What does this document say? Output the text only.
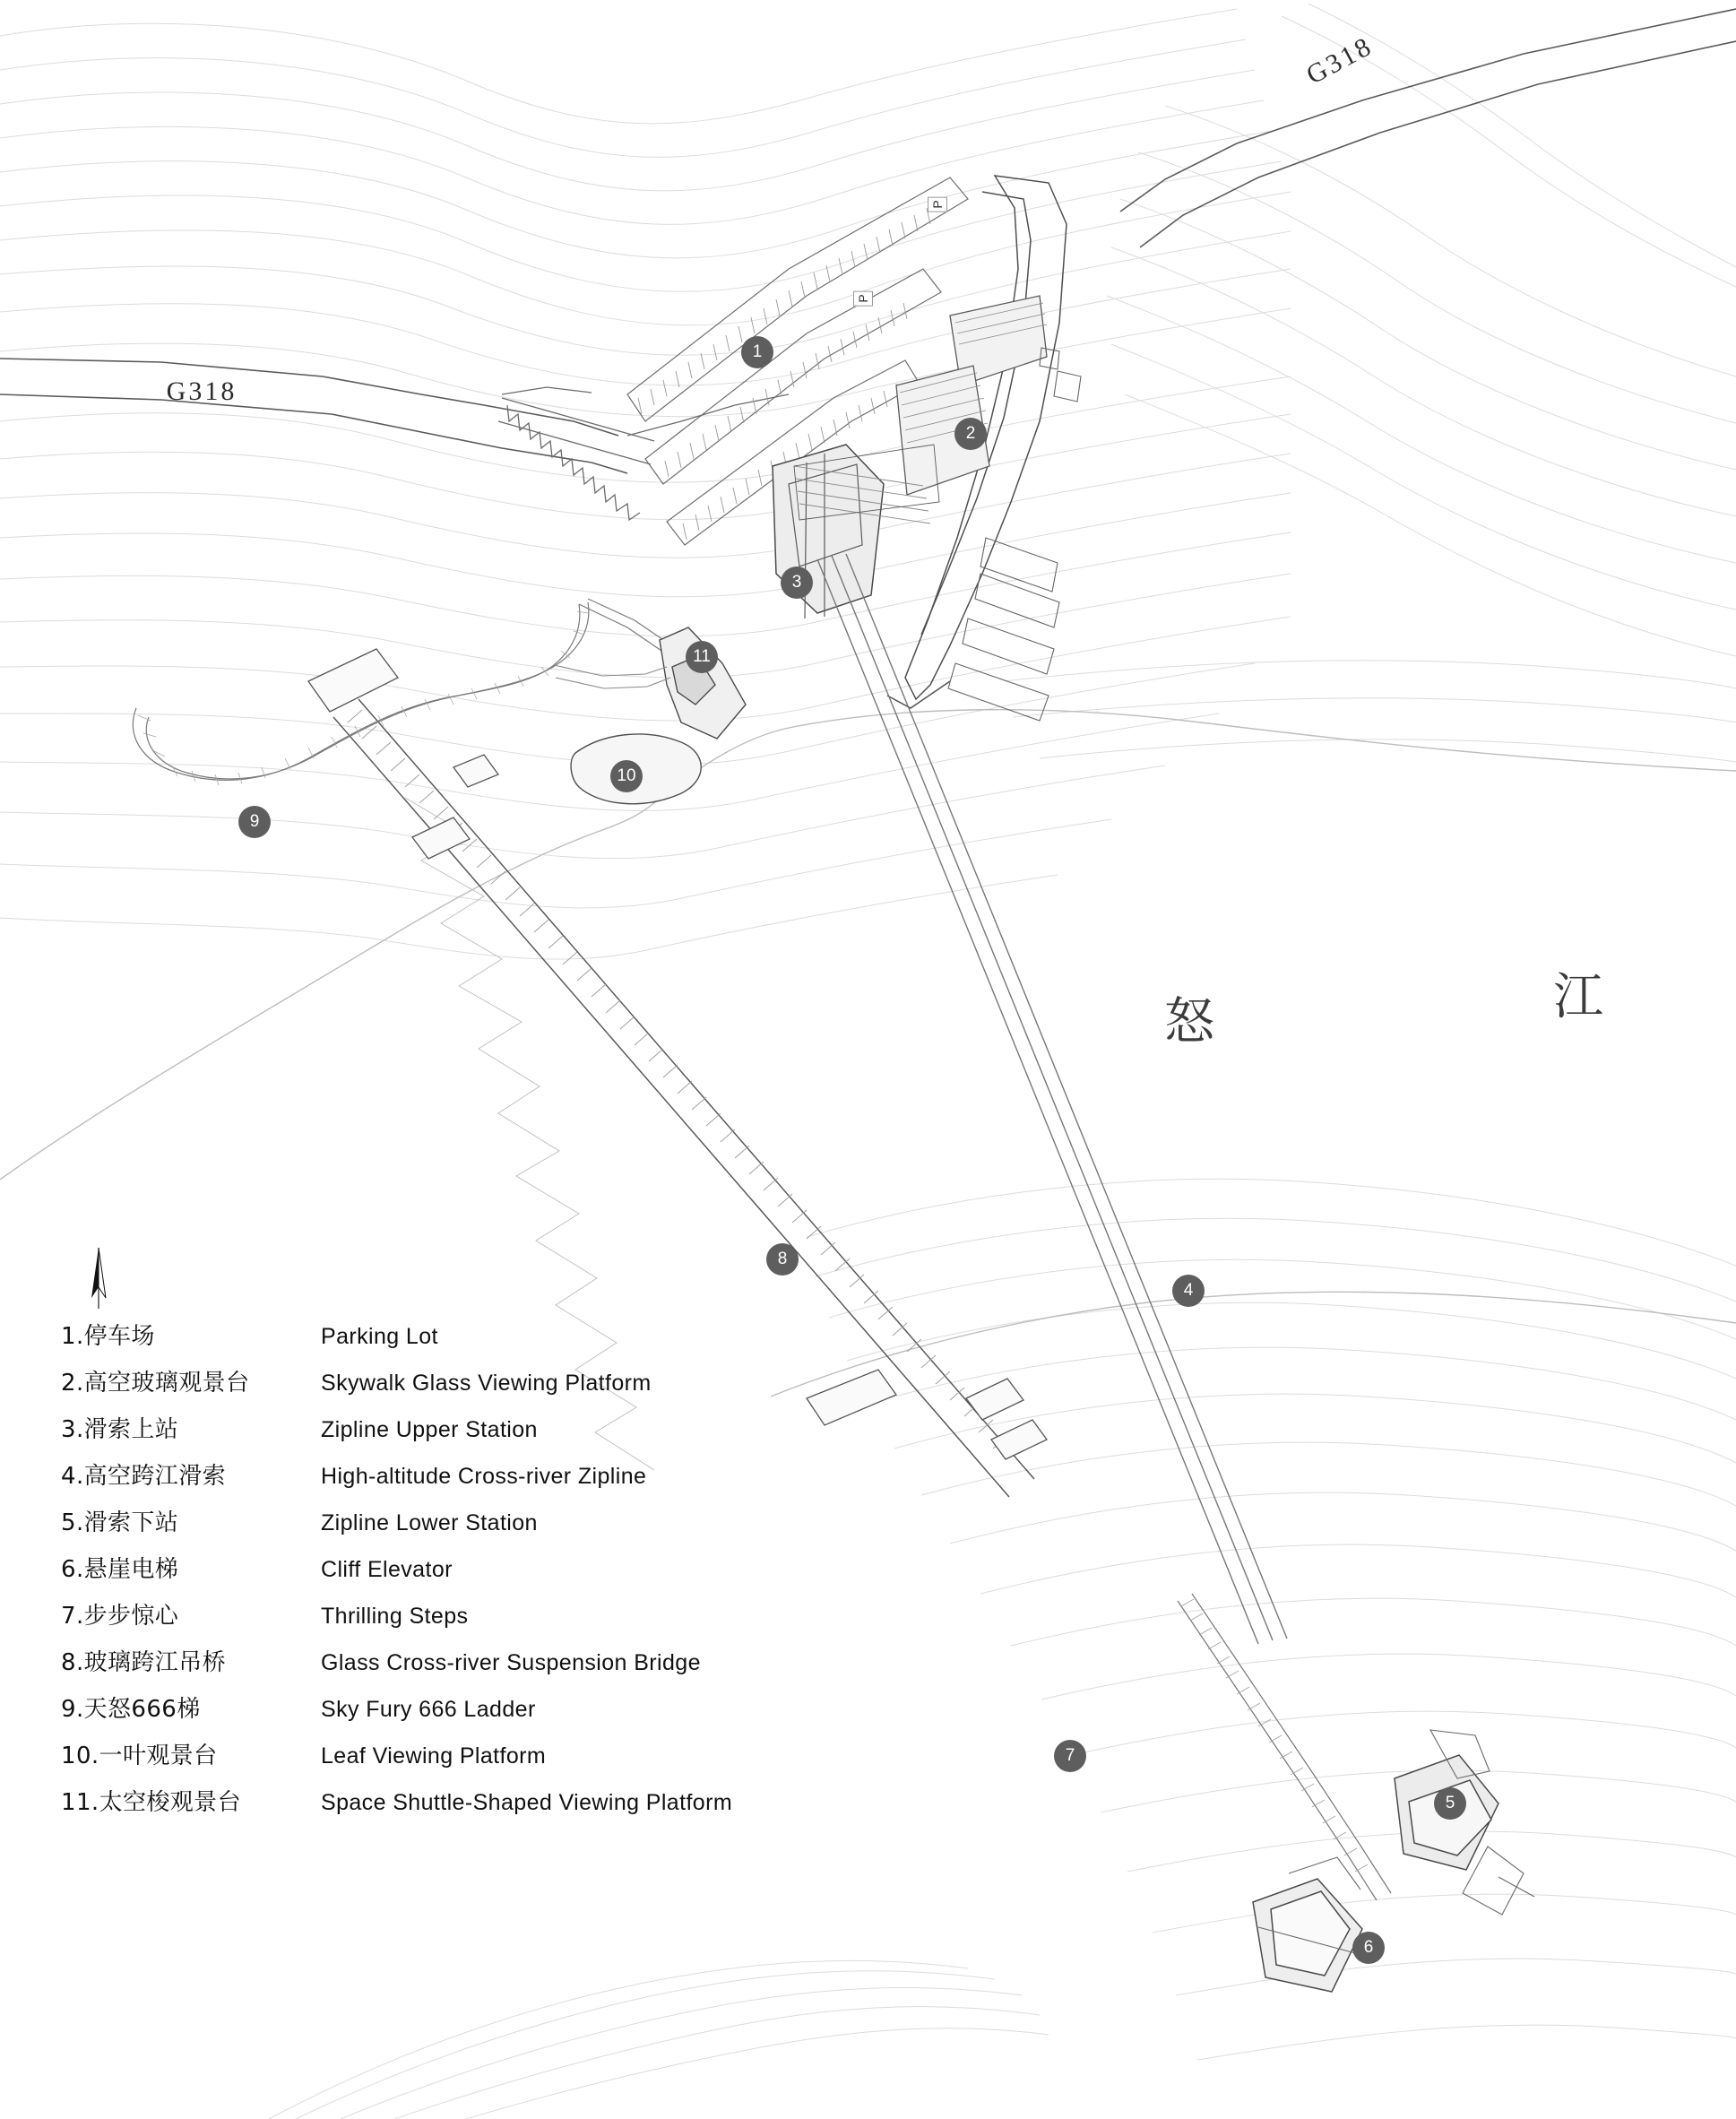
怒	江
G318
G318
P
P
1
2
3
4
5
6
7
8
9
10
11
1.停车场	Parking Lot
2.高空玻璃观景台	Skywalk Glass Viewing Platform
3.滑索上站	Zipline Upper Station
4.高空跨江滑索	High-altitude Cross-river Zipline
5.滑索下站	Zipline Lower Station
6.悬崖电梯	Cliff Elevator
7.步步惊心	Thrilling Steps
8.玻璃跨江吊桥	Glass Cross-river Suspension Bridge
9.天怒666梯	Sky Fury 666 Ladder
10.一叶观景台	Leaf Viewing Platform
11.太空梭观景台	Space Shuttle-Shaped Viewing Platform
